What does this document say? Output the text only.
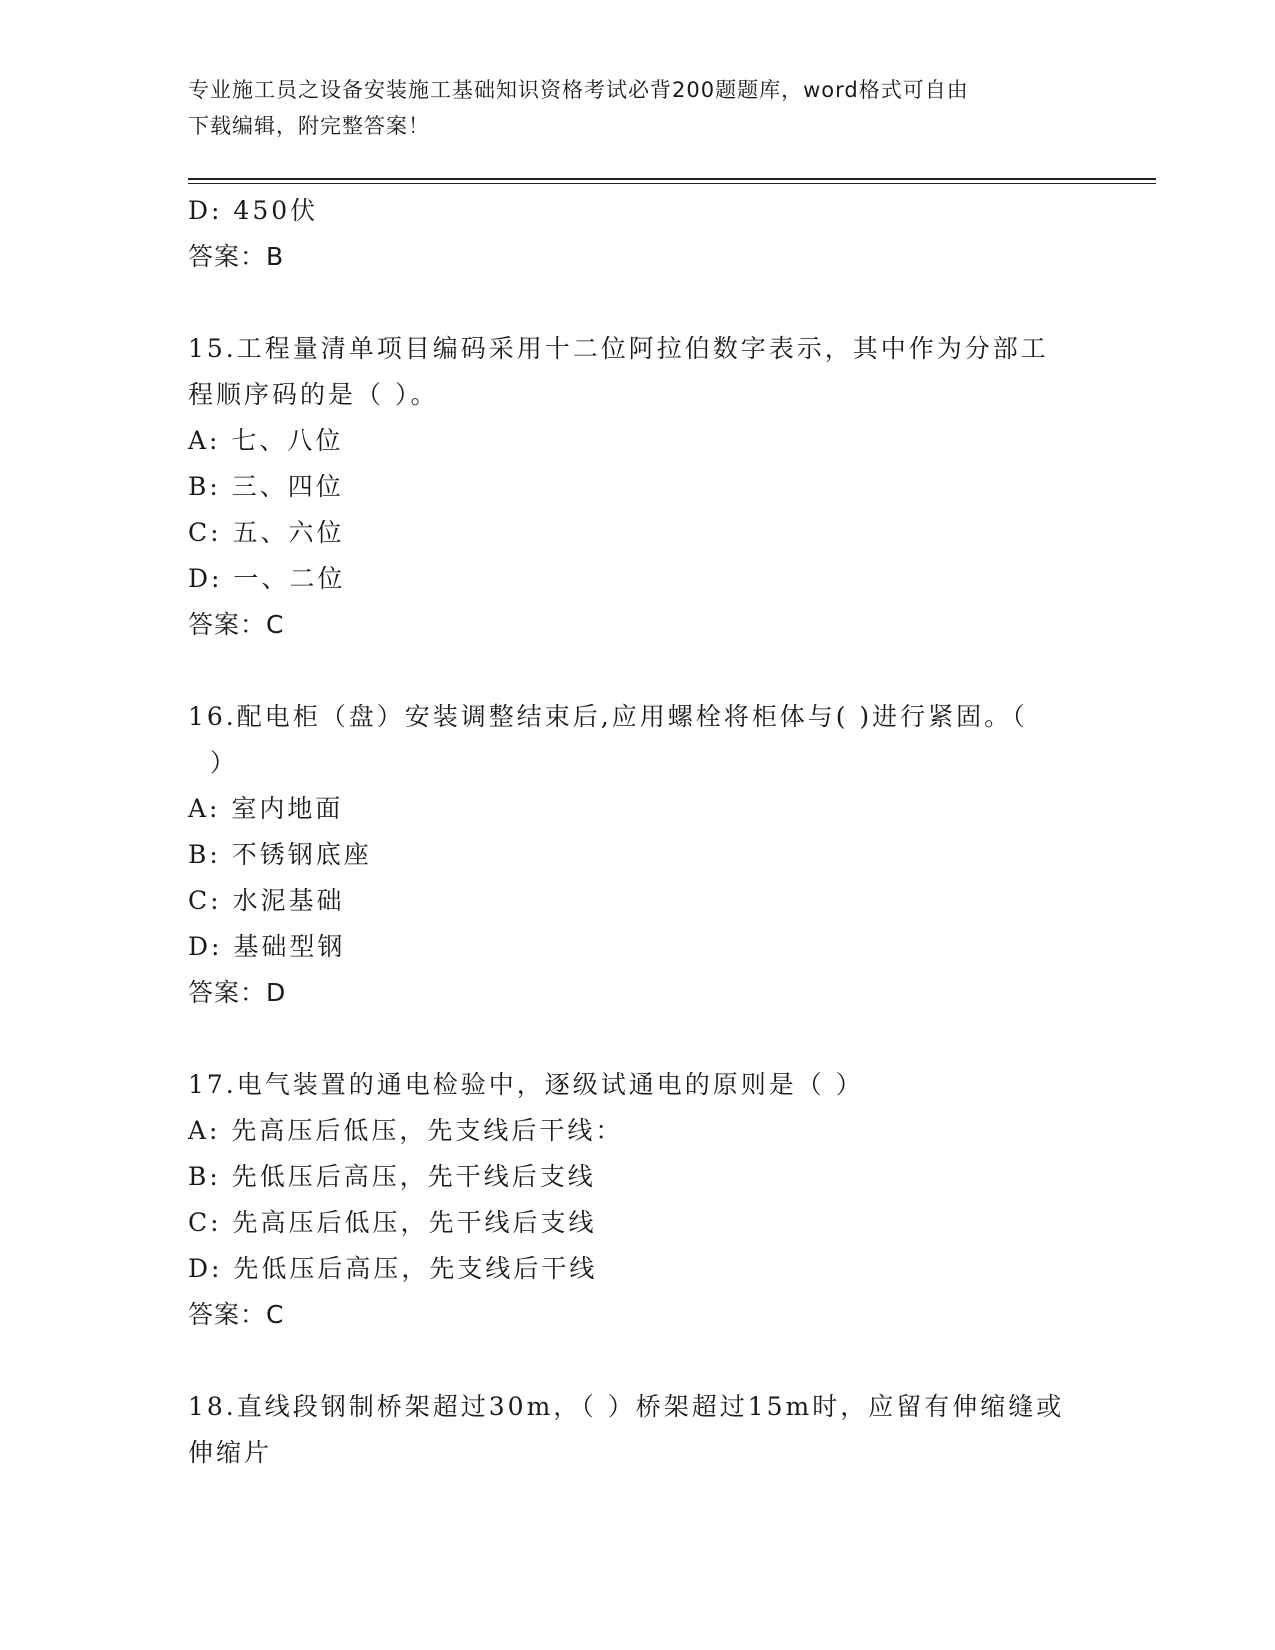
专业施工员之设备安装施工基础知识资格考试必背200题题库，word格式可自由
下载编辑，附完整答案！
D: 450伏
答案：B
15.工程量清单项目编码采用十二位阿拉伯数字表示，其中作为分部工
程顺序码的是（ ）。
A: 七、八位
B: 三、四位
C: 五、六位
D: 一、二位
答案：C
16.配电柜（盘）安装调整结束后,应用螺栓将柜体与( )进行紧固。（
）
A: 室内地面
B: 不锈钢底座
C: 水泥基础
D: 基础型钢
答案：D
17.电气装置的通电检验中，逐级试通电的原则是（ ）
A: 先高压后低压，先支线后干线：
B: 先低压后高压，先干线后支线
C: 先高压后低压，先干线后支线
D: 先低压后高压，先支线后干线
答案：C
18.直线段钢制桥架超过30m，（ ）桥架超过15m时，应留有伸缩缝或
伸缩片
